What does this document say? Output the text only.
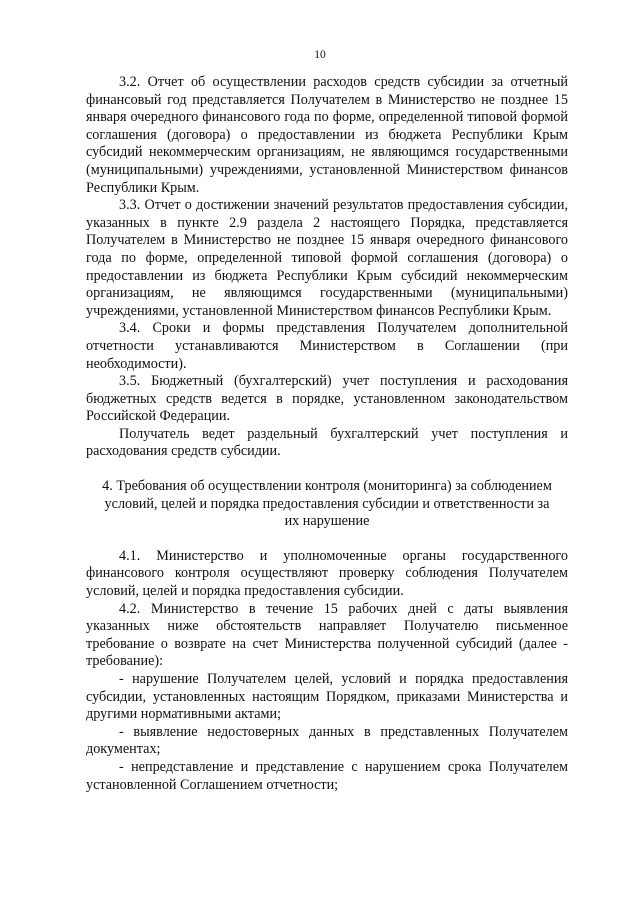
10

3.2. Отчет об осуществлении расходов средств субсидии за отчетный финансовый год представляется Получателем в Министерство не позднее 15 января очередного финансового года по форме, определенной типовой формой соглашения (договора) о предоставлении из бюджета Республики Крым субсидий некоммерческим организациям, не являющимся государственными (муниципальными) учреждениями, установленной Министерством финансов Республики Крым.

3.3. Отчет о достижении значений результатов предоставления субсидии, указанных в пункте 2.9 раздела 2 настоящего Порядка, представляется Получателем в Министерство не позднее 15 января очередного финансового года по форме, определенной типовой формой соглашения (договора) о предоставлении из бюджета Республики Крым субсидий некоммерческим организациям, не являющимся государственными (муниципальными) учреждениями, установленной Министерством финансов Республики Крым.

3.4. Сроки и формы представления Получателем дополнительной отчетности устанавливаются Министерством в Соглашении (при необходимости).

3.5. Бюджетный (бухгалтерский) учет поступления и расходования бюджетных средств ведется в порядке, установленном законодательством Российской Федерации.

Получатель ведет раздельный бухгалтерский учет поступления и расходования средств субсидии.

4. Требования об осуществлении контроля (мониторинга) за соблюдением условий, целей и порядка предоставления субсидии и ответственности за их нарушение

4.1. Министерство и уполномоченные органы государственного финансового контроля осуществляют проверку соблюдения Получателем условий, целей и порядка предоставления субсидии.

4.2. Министерство в течение 15 рабочих дней с даты выявления указанных ниже обстоятельств направляет Получателю письменное требование о возврате на счет Министерства полученной субсидий (далее - требование):

- нарушение Получателем целей, условий и порядка предоставления субсидии, установленных настоящим Порядком, приказами Министерства и другими нормативными актами;

- выявление недостоверных данных в представленных Получателем документах;

- непредставление и представление с нарушением срока Получателем установленной Соглашением отчетности;
